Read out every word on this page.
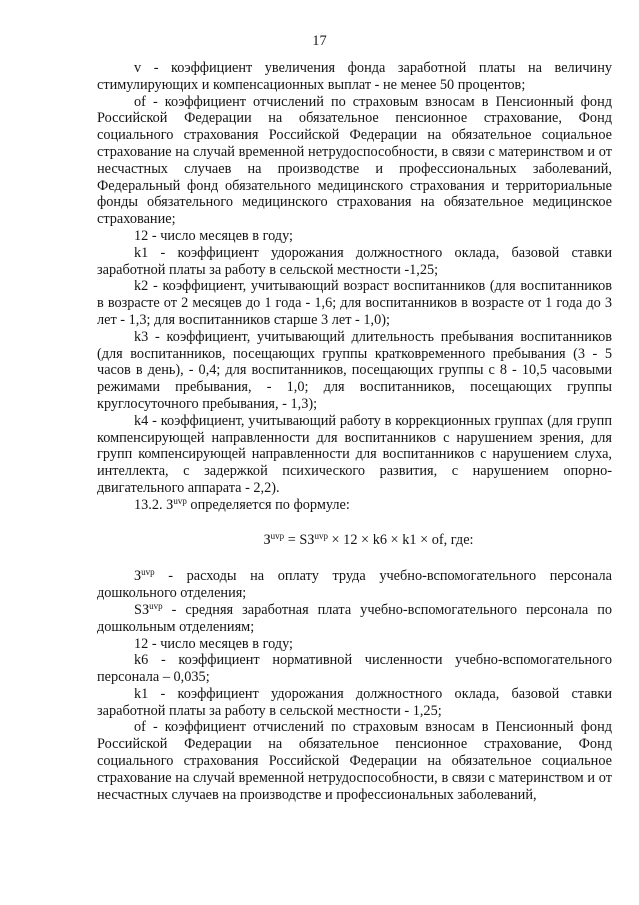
17

v - коэффициент увеличения фонда заработной платы на величину стимулирующих и компенсационных выплат - не менее 50 процентов;

of - коэффициент отчислений по страховым взносам в Пенсионный фонд Российской Федерации на обязательное пенсионное страхование, Фонд социального страхования Российской Федерации на обязательное социальное страхование на случай временной нетрудоспособности, в связи с материнством и от несчастных случаев на производстве и профессиональных заболеваний, Федеральный фонд обязательного медицинского страхования и территориальные фонды обязательного медицинского страхования на обязательное медицинское страхование;

12 - число месяцев в году;

k1 - коэффициент удорожания должностного оклада, базовой ставки заработной платы за работу в сельской местности -1,25;

k2 - коэффициент, учитывающий возраст воспитанников (для воспитанников в возрасте от 2 месяцев до 1 года - 1,6; для воспитанников в возрасте от 1 года до 3 лет - 1,3; для воспитанников старше 3 лет - 1,0);

k3 - коэффициент, учитывающий длительность пребывания воспитанников (для воспитанников, посещающих группы кратковременного пребывания (3 - 5 часов в день), - 0,4; для воспитанников, посещающих группы с 8 - 10,5 часовыми режимами пребывания, - 1,0; для воспитанников, посещающих группы круглосуточного пребывания, - 1,3);

k4 - коэффициент, учитывающий работу в коррекционных группах (для групп компенсирующей направленности для воспитанников с нарушением зрения, для групп компенсирующей направленности для воспитанников с нарушением слуха, интеллекта, с задержкой психического развития, с нарушением опорно-двигательного аппарата - 2,2).

13.2. $З^{uvp}$ определяется по формуле:

$З^{uvp} = SЗ^{uvp} \times 12 \times k6 \times k1$ × of, где:

$З^{uvp}$ - расходы на оплату труда учебно-вспомогательного персонала дошкольного отделения;

$SЗ^{uvp}$ - средняя заработная плата учебно-вспомогательного персонала по дошкольным отделениям;

12 - число месяцев в году;

k6 - коэффициент нормативной численности учебно-вспомогательного персонала – 0,035;

k1 - коэффициент удорожания должностного оклада, базовой ставки заработной платы за работу в сельской местности - 1,25;

of - коэффициент отчислений по страховым взносам в Пенсионный фонд Российской Федерации на обязательное пенсионное страхование, Фонд социального страхования Российской Федерации на обязательное социальное страхование на случай временной нетрудоспособности, в связи с материнством и от несчастных случаев на производстве и профессиональных заболеваний,
